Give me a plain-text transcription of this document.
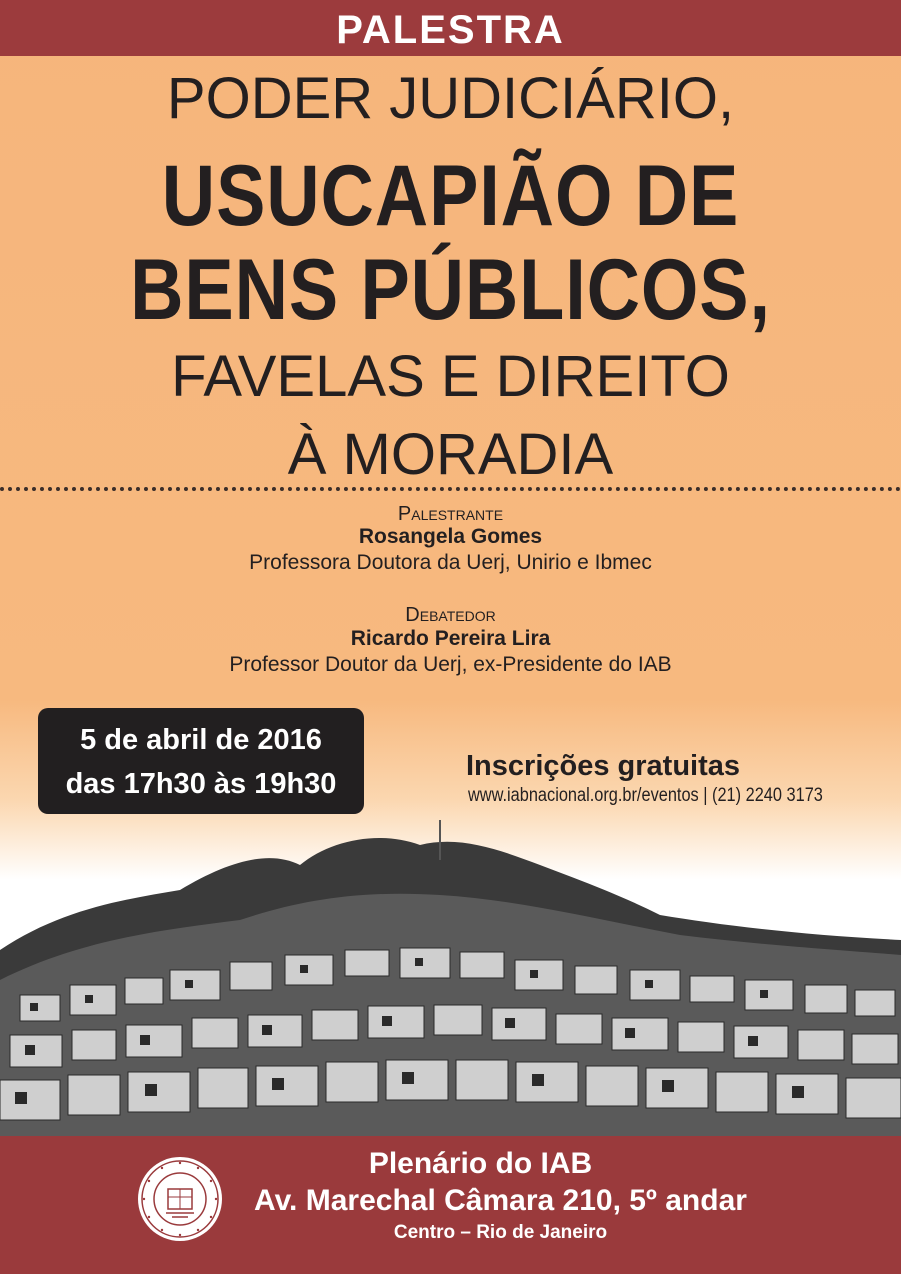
PALESTRA
PODER JUDICIÁRIO,
USUCAPIÃO DE
BENS PÚBLICOS,
FAVELAS E DIREITO
À MORADIA
Palestrante
Rosangela Gomes
Professora Doutora da Uerj, Unirio e Ibmec
Debatedor
Ricardo Pereira Lira
Professor Doutor da Uerj, ex-Presidente do IAB
5 de abril de 2016
das 17h30 às 19h30
Inscrições gratuitas
www.iabnacional.org.br/eventos | (21) 2240 3173
Plenário do IAB
Av. Marechal Câmara 210, 5º andar
Centro – Rio de Janeiro
